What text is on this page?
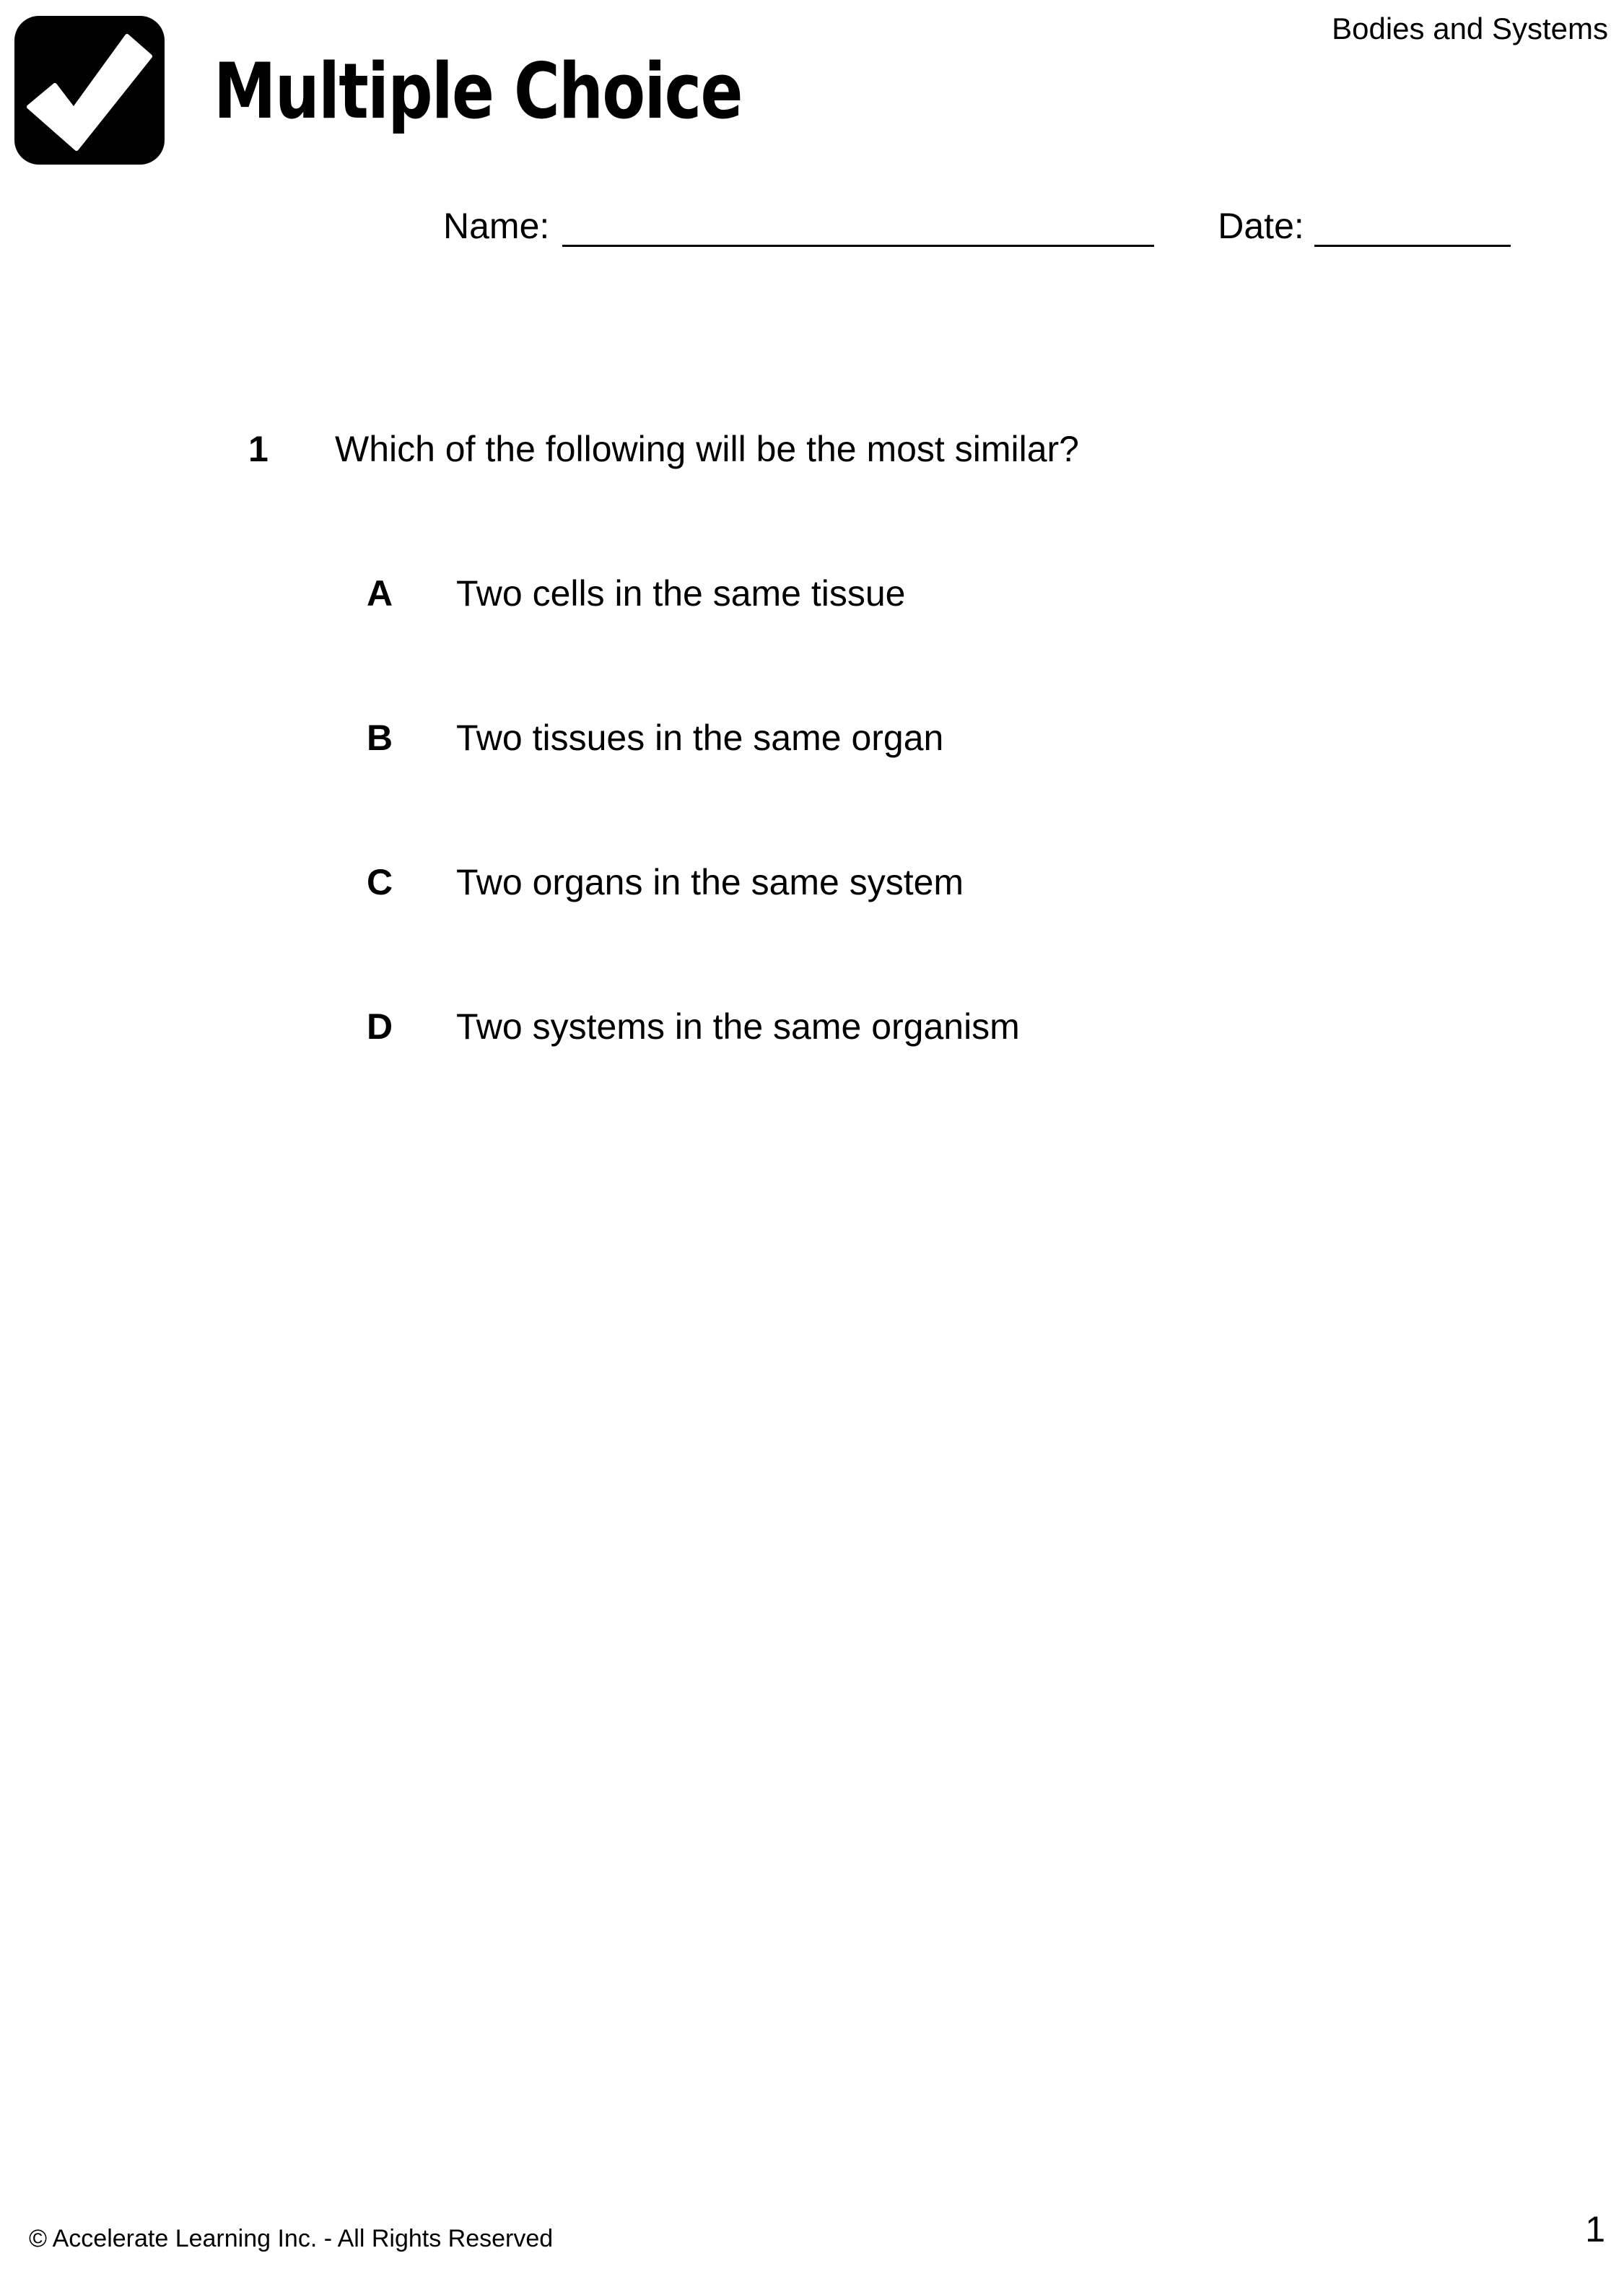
Bodies and Systems
Multiple Choice
Name:	Date:
1 Which of the following will be the most similar?
A Two cells in the same tissue
B Two tissues in the same organ
C Two organs in the same system
D Two systems in the same organism
© Accelerate Learning Inc. - All Rights Reserved	1
